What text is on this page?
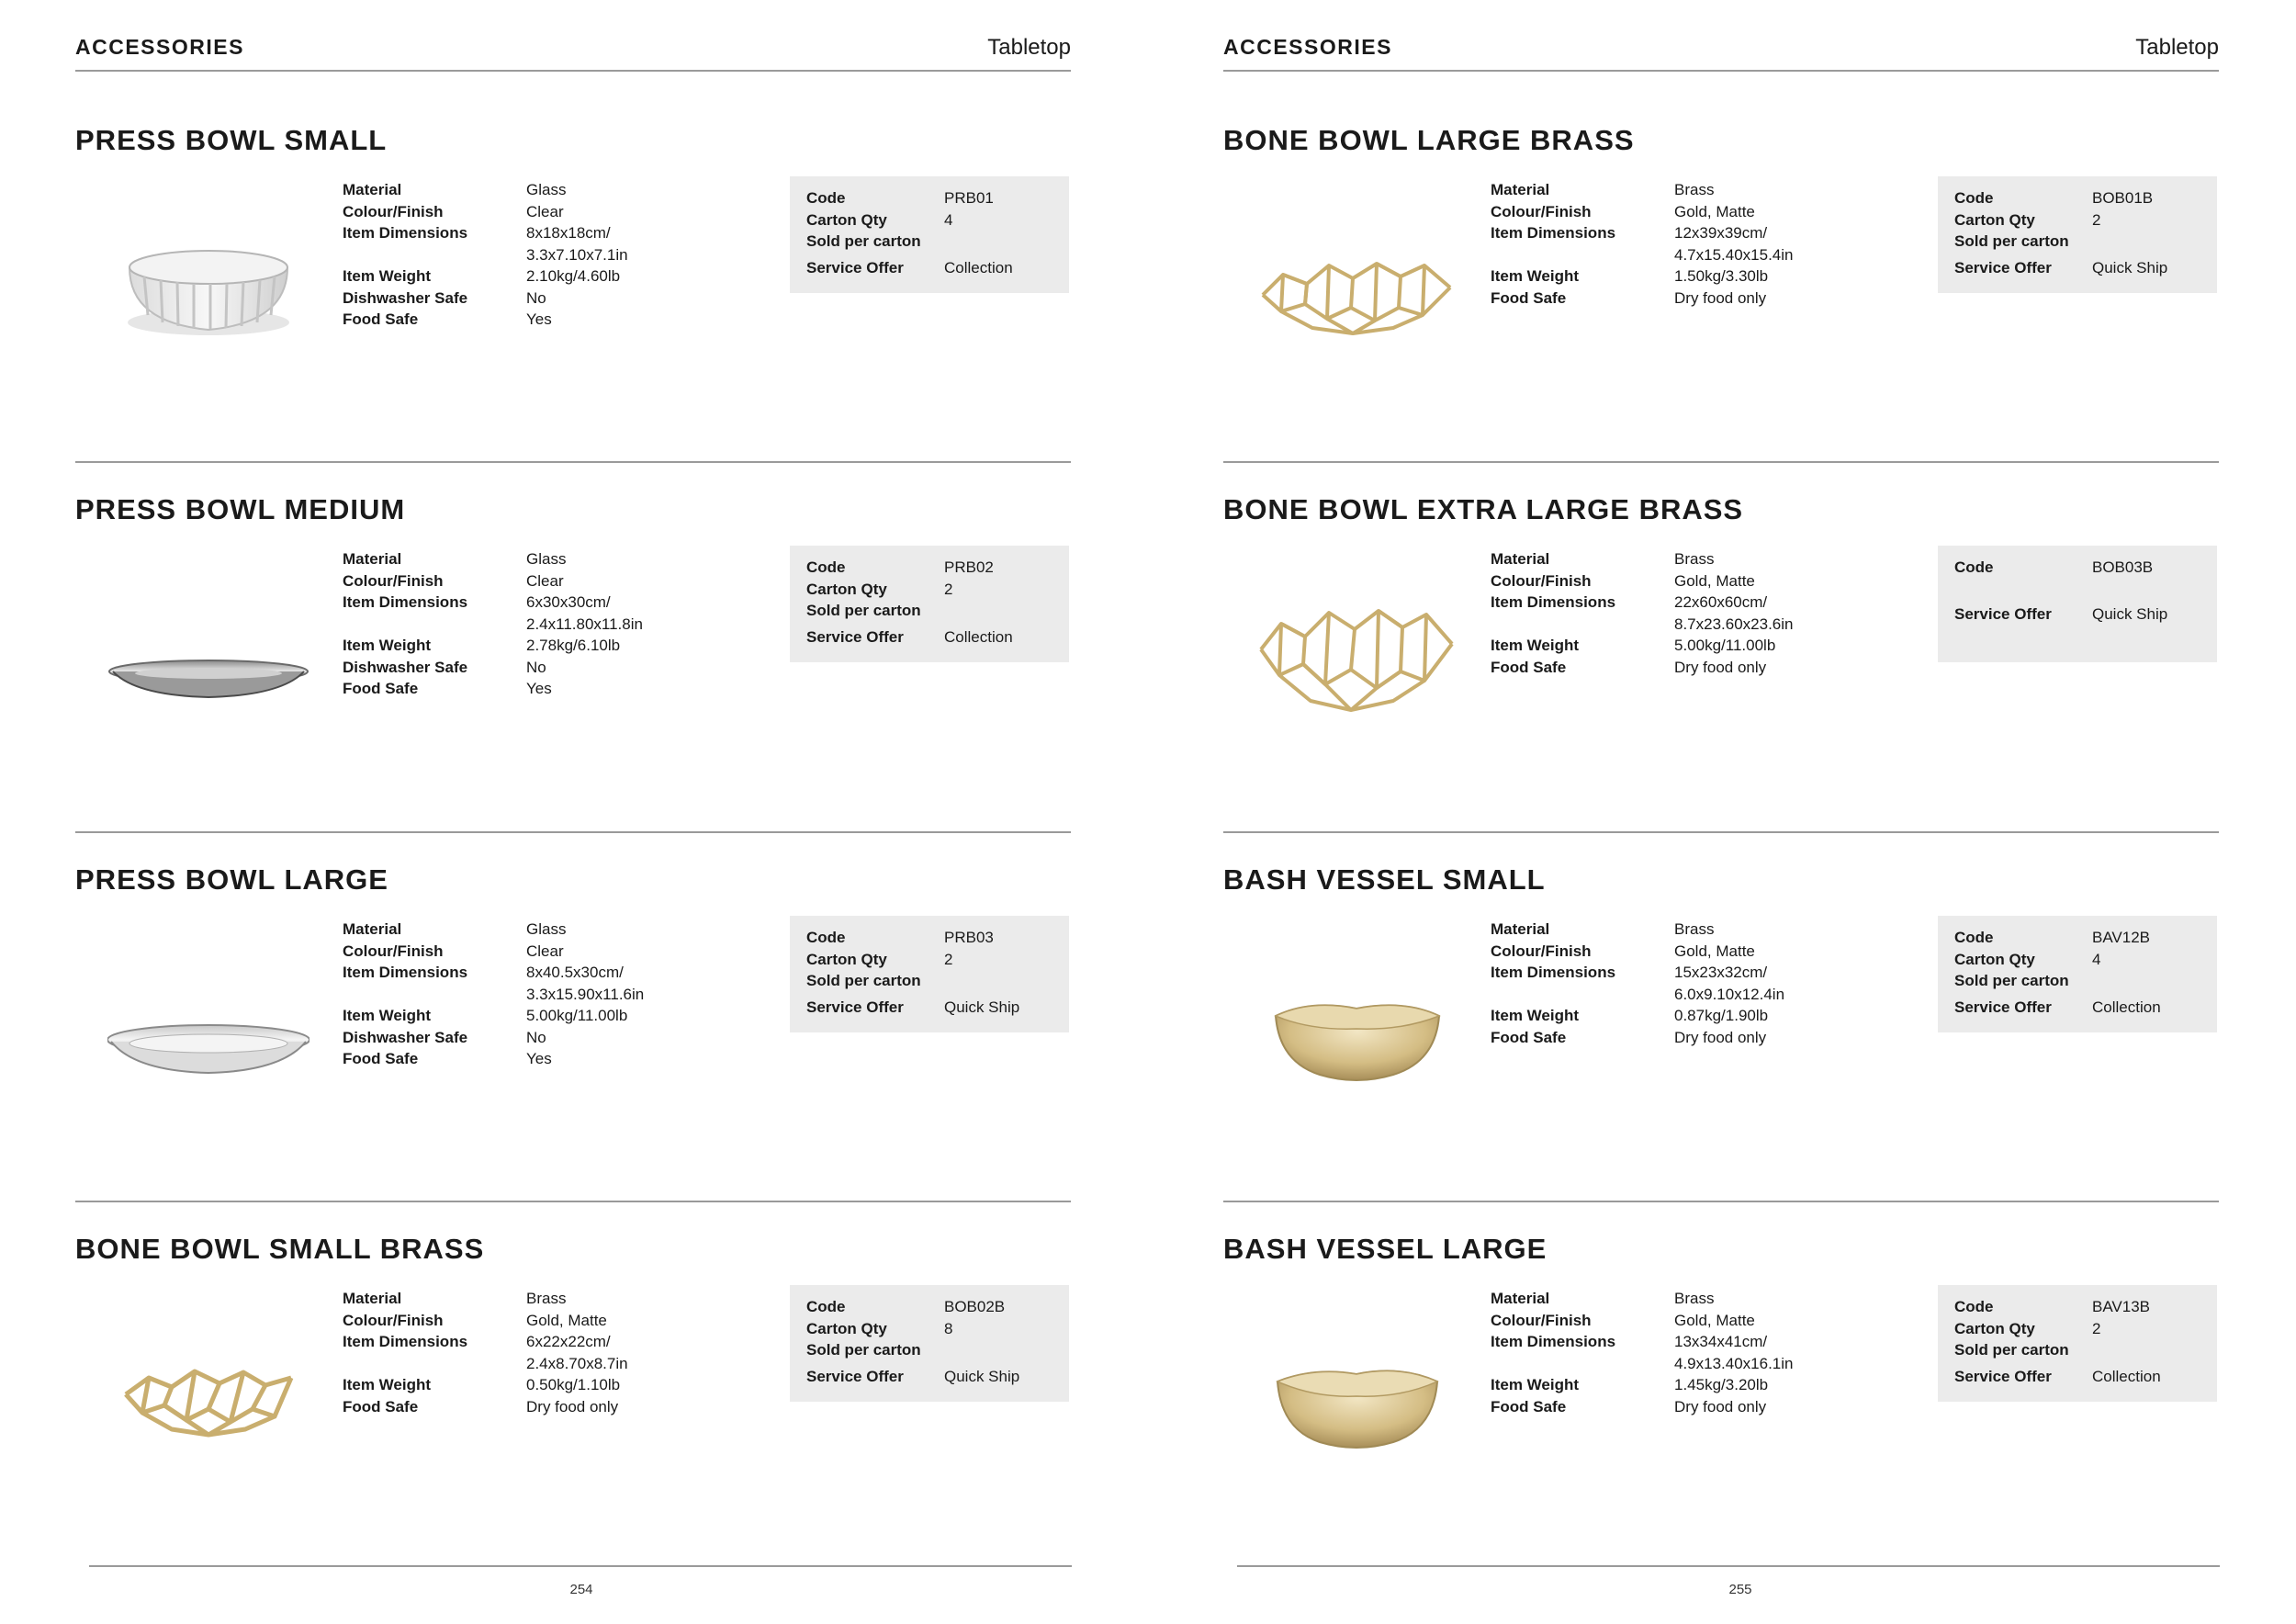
ACCESSORIES	Tabletop
PRESS BOWL SMALL
Material	Glass
Colour/Finish	Clear
Item Dimensions	8x18x18cm/
3.3x7.10x7.1in
Item Weight	2.10kg/4.60lb
Dishwasher Safe	No
Food Safe	Yes
Code	PRB01
Carton Qty	4
Sold per carton
Service Offer	Collection
PRESS BOWL MEDIUM
Material	Glass
Colour/Finish	Clear
Item Dimensions	6x30x30cm/
2.4x11.80x11.8in
Item Weight	2.78kg/6.10lb
Dishwasher Safe	No
Food Safe	Yes
Code	PRB02
Carton Qty	2
Sold per carton
Service Offer	Collection
PRESS BOWL LARGE
Material	Glass
Colour/Finish	Clear
Item Dimensions	8x40.5x30cm/
3.3x15.90x11.6in
Item Weight	5.00kg/11.00lb
Dishwasher Safe	No
Food Safe	Yes
Code	PRB03
Carton Qty	2
Sold per carton
Service Offer	Quick Ship
BONE BOWL SMALL BRASS
Material	Brass
Colour/Finish	Gold, Matte
Item Dimensions	6x22x22cm/
2.4x8.70x8.7in
Item Weight	0.50kg/1.10lb
Food Safe	Dry food only
Code	BOB02B
Carton Qty	8
Sold per carton
Service Offer	Quick Ship
254
ACCESSORIES	Tabletop
BONE BOWL LARGE BRASS
Material	Brass
Colour/Finish	Gold, Matte
Item Dimensions	12x39x39cm/
4.7x15.40x15.4in
Item Weight	1.50kg/3.30lb
Food Safe	Dry food only
Code	BOB01B
Carton Qty	2
Sold per carton
Service Offer	Quick Ship
BONE BOWL EXTRA LARGE BRASS
Material	Brass
Colour/Finish	Gold, Matte
Item Dimensions	22x60x60cm/
8.7x23.60x23.6in
Item Weight	5.00kg/11.00lb
Food Safe	Dry food only
Code	BOB03B
Service Offer	Quick Ship
BASH VESSEL SMALL
Material	Brass
Colour/Finish	Gold, Matte
Item Dimensions	15x23x32cm/
6.0x9.10x12.4in
Item Weight	0.87kg/1.90lb
Food Safe	Dry food only
Code	BAV12B
Carton Qty	4
Sold per carton
Service Offer	Collection
BASH VESSEL LARGE
Material	Brass
Colour/Finish	Gold, Matte
Item Dimensions	13x34x41cm/
4.9x13.40x16.1in
Item Weight	1.45kg/3.20lb
Food Safe	Dry food only
Code	BAV13B
Carton Qty	2
Sold per carton
Service Offer	Collection
255
